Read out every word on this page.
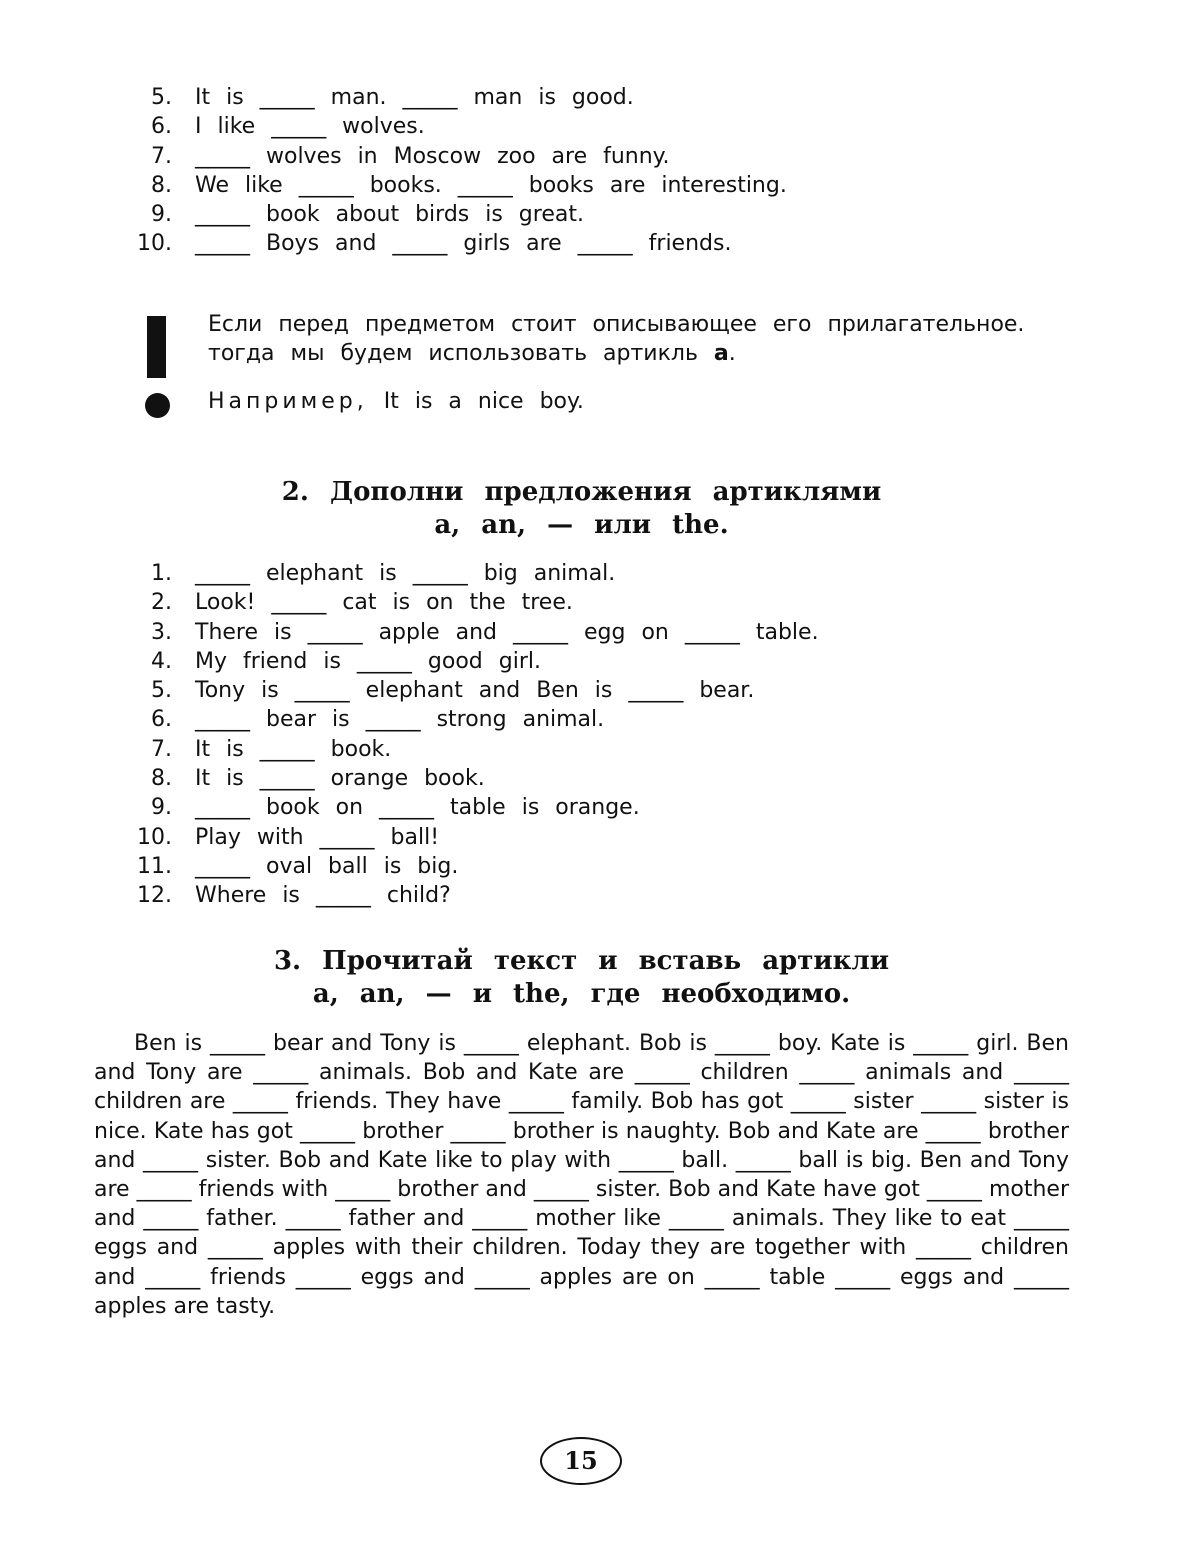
5. It is _____ man. _____ man is good.
6. I like _____ wolves.
7. _____ wolves in Moscow zoo are funny.
8. We like _____ books. _____ books are interesting.
9. _____ book about birds is great.
10. _____ Boys and _____ girls are _____ friends.
Если перед предметом стоит описывающее его прилагательное.
тогда мы будем использовать артикль a.
Например, It is a nice boy.
2. Дополни предложения артиклями
a, an, — или the.
1. _____ elephant is _____ big animal.
2. Look! _____ cat is on the tree.
3. There is _____ apple and _____ egg on _____ table.
4. My friend is _____ good girl.
5. Tony is _____ elephant and Ben is _____ bear.
6. _____ bear is _____ strong animal.
7. It is _____ book.
8. It is _____ orange book.
9. _____ book on _____ table is orange.
10. Play with _____ ball!
11. _____ oval ball is big.
12. Where is _____ child?
3. Прочитай текст и вставь артикли
a, an, — и the, где необходимо.
Ben is _____ bear and Tony is _____ elephant. Bob is _____ boy. Kate is _____ girl. Ben and Tony are _____ animals. Bob and Kate are _____ children _____ animals and _____ children are _____ friends. They have _____ family. Bob has got _____ sister _____ sister is nice. Kate has got _____ brother _____ brother is naughty. Bob and Kate are _____ brother and _____ sister. Bob and Kate like to play with _____ ball. _____ ball is big. Ben and Tony are _____ friends with _____ brother and _____ sister. Bob and Kate have got _____ mother and _____ father. _____ father and _____ mother like _____ animals. They like to eat _____ eggs and _____ apples with their children. Today they are together with _____ children and _____ friends _____ eggs and _____ apples are on _____ table _____ eggs and _____ apples are tasty.
15
